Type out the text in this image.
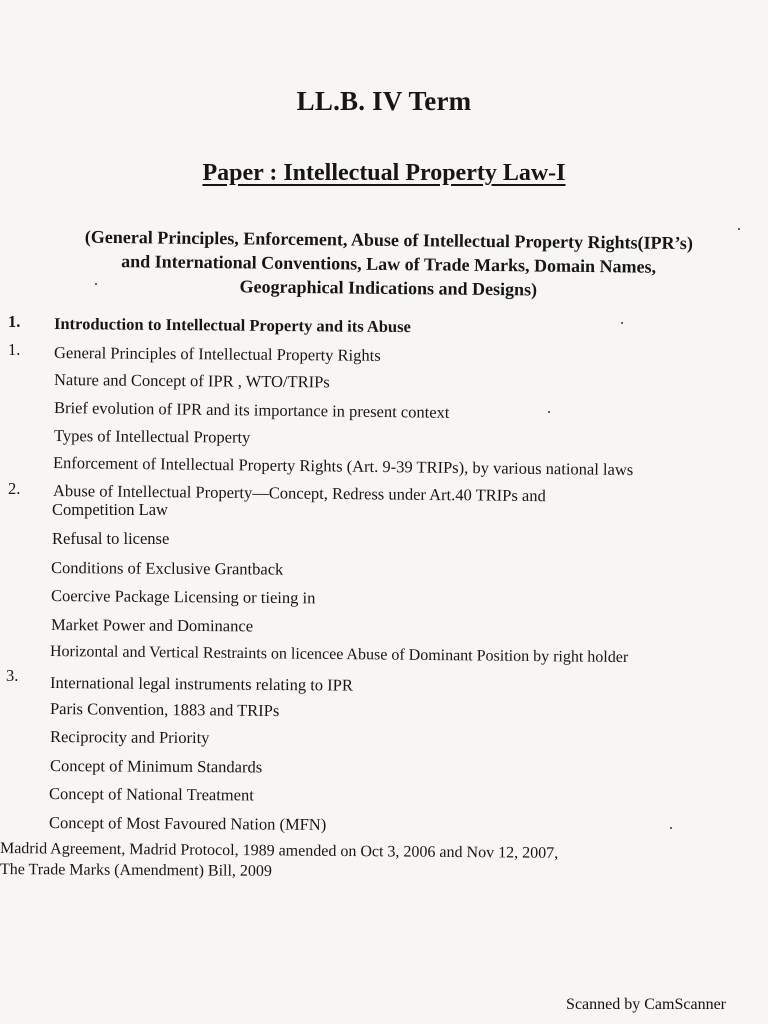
LL.B. IV Term
Paper : Intellectual Property Law-I
(General Principles, Enforcement, Abuse of Intellectual Property Rights(IPR’s)
and International Conventions, Law of Trade Marks, Domain Names,
Geographical Indications and Designs)
1.
1.
2.
3.
Introduction to Intellectual Property and its Abuse
General Principles of Intellectual Property Rights
Nature and Concept of IPR , WTO/TRIPs
Brief evolution of IPR and its importance in present context
Types of Intellectual Property
Enforcement of Intellectual Property Rights (Art. 9-39 TRIPs), by various national laws
Abuse of Intellectual Property—Concept, Redress under Art.40 TRIPs and
Competition Law
Refusal to license
Conditions of Exclusive Grantback
Coercive Package Licensing or tieing in
Market Power and Dominance
Horizontal and Vertical Restraints on licencee Abuse of Dominant Position by right holder
International legal instruments relating to IPR
Paris Convention, 1883 and TRIPs
Reciprocity and Priority
Concept of Minimum Standards
Concept of National Treatment
Concept of Most Favoured Nation (MFN)
Madrid Agreement, Madrid Protocol, 1989 amended on Oct 3, 2006 and Nov 12, 2007,
The Trade Marks (Amendment) Bill, 2009
Scanned by CamScanner
